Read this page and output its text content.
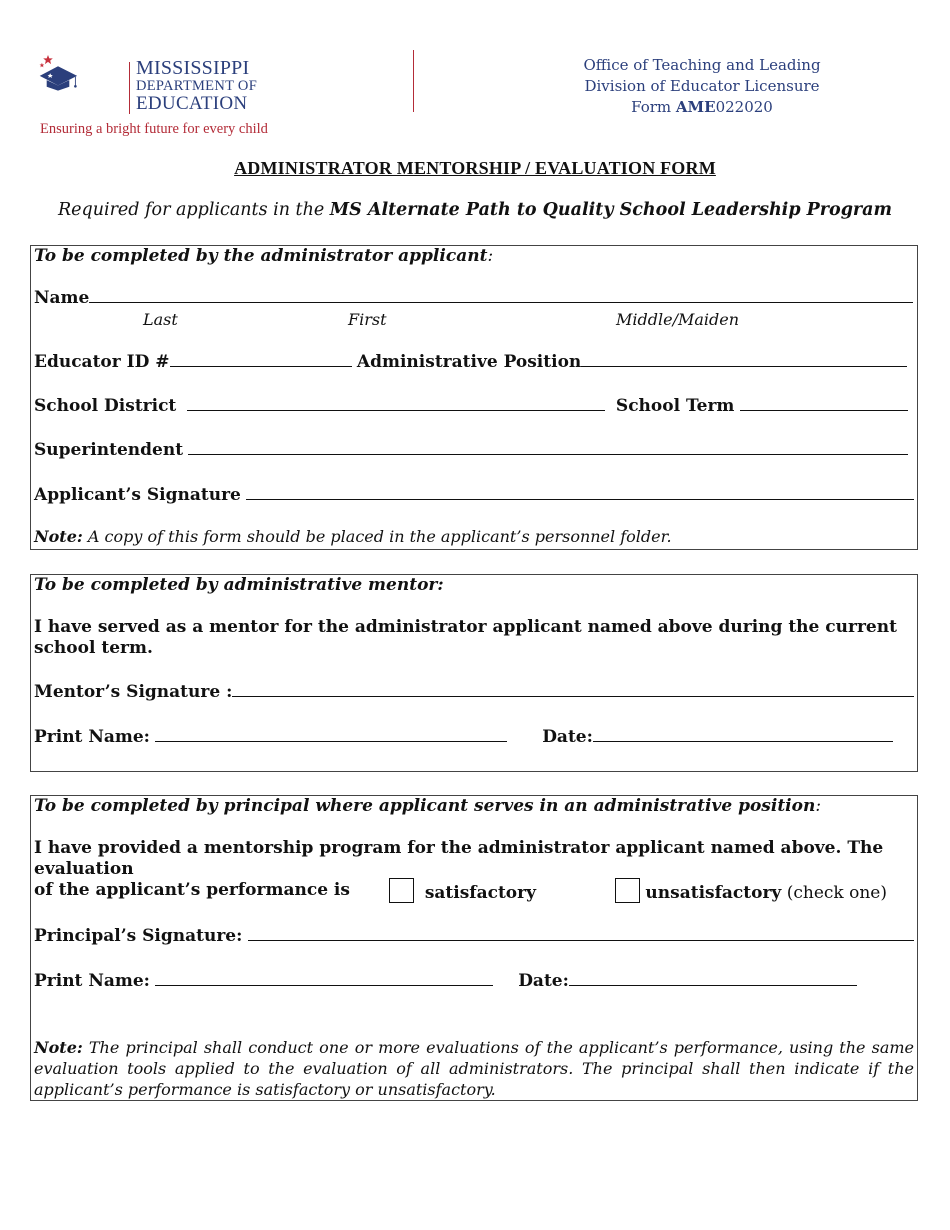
MISSISSIPPI
DEPARTMENT OF
EDUCATION
Ensuring a bright future for every child
Office of Teaching and Leading
Division of Educator Licensure
Form AME022020
ADMINISTRATOR MENTORSHIP / EVALUATION FORM
Required for applicants in the MS Alternate Path to Quality School Leadership Program
To be completed by the administrator applicant:
Name
Last	First	Middle/Maiden
Educator ID #	Administrative Position
School District	School Term
Superintendent
Applicant’s Signature
Note: A copy of this form should be placed in the applicant’s personnel folder.
To be completed by administrative mentor:
I have served as a mentor for the administrator applicant named above during the current school term.
Mentor’s Signature :
Print Name:	Date:
To be completed by principal where applicant serves in an administrative position:
I have provided a mentorship program for the administrator applicant named above. The
evaluation
of the applicant’s performance is	satisfactory	unsatisfactory (check one)
Principal’s Signature:
Print Name:	Date:
Note: The principal shall conduct one or more evaluations of the applicant’s performance, using the same evaluation tools applied to the evaluation of all administrators. The principal shall then indicate if the applicant’s performance is satisfactory or unsatisfactory.
